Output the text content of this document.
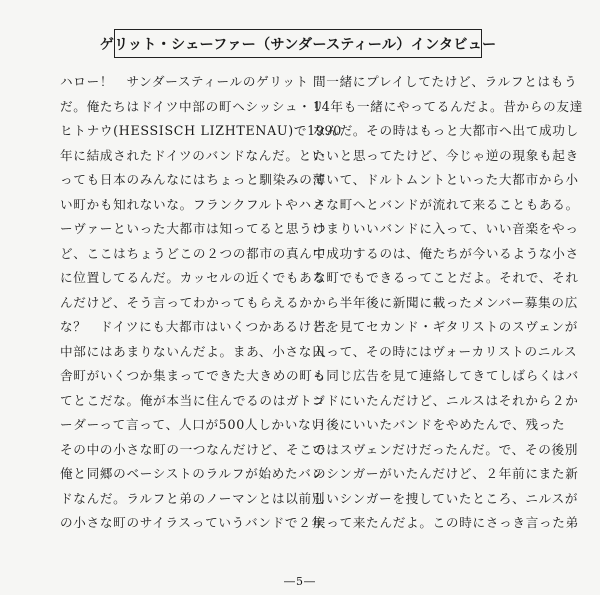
ゲリット・シェーファー（サンダースティール）インタビュー
ハロー！　サンダースティールのゲリット
だ。俺たちはドイツ中部の町ヘシッシュ・リ
ヒトナウ(HESSISCH LIZHTENAU)で1990
年に結成されたドイツのバンドなんだ。とい
っても日本のみんなにはちょっと馴染みの薄
い町かも知れないな。フランクフルトやハノ
ーヴァーといった大都市は知ってると思うけ
ど、ここはちょうどこの２つの都市の真ん中
に位置してるんだ。カッセルの近くでもある
んだけど、そう言ってわかってもらえるか
な？　ドイツにも大都市はいくつかあるけど、
中部にはあまりないんだよ。まあ、小さな田
舎町がいくつか集まってできた大きめの町っ
てとこだな。俺が本当に住んでるのはガトゴ
ーダーって言って、人口が500人しかいない
その中の小さな町の一つなんだけど、そこで
俺と同郷のベーシストのラルフが始めたバン
ドなんだ。ラルフと弟のノーマンとは以前別
の小さな町のサイラスっていうバンドで２年
間一緒にプレイしてたけど、ラルフとはもう
14年も一緒にやってるんだよ。昔からの友達
なんだ。その時はもっと大都市へ出て成功し
たいと思ってたけど、今じゃ逆の現象も起き
ていて、ドルトムントといった大都市から小
さな町へとバンドが流れて来ることもある。
つまりいいバンドに入って、いい音楽をやっ
て成功するのは、俺たちが今いるような小さ
な町でもできるってことだよ。それで、それ
から半年後に新聞に載ったメンバー募集の広
告を見てセカンド・ギタリストのスヴェンが
入って、その時にはヴォーカリストのニルス
も同じ広告を見て連絡してきてしばらくはバ
ンドにいたんだけど、ニルスはそれから２か
月後にいいたバンドをやめたんで、残った
のはスヴェンだけだったんだ。で、その後別
のシンガーがいたんだけど、２年前にまた新
しいシンガーを捜していたところ、ニルスが
戻って来たんだよ。この時にさっき言った弟
―5―
